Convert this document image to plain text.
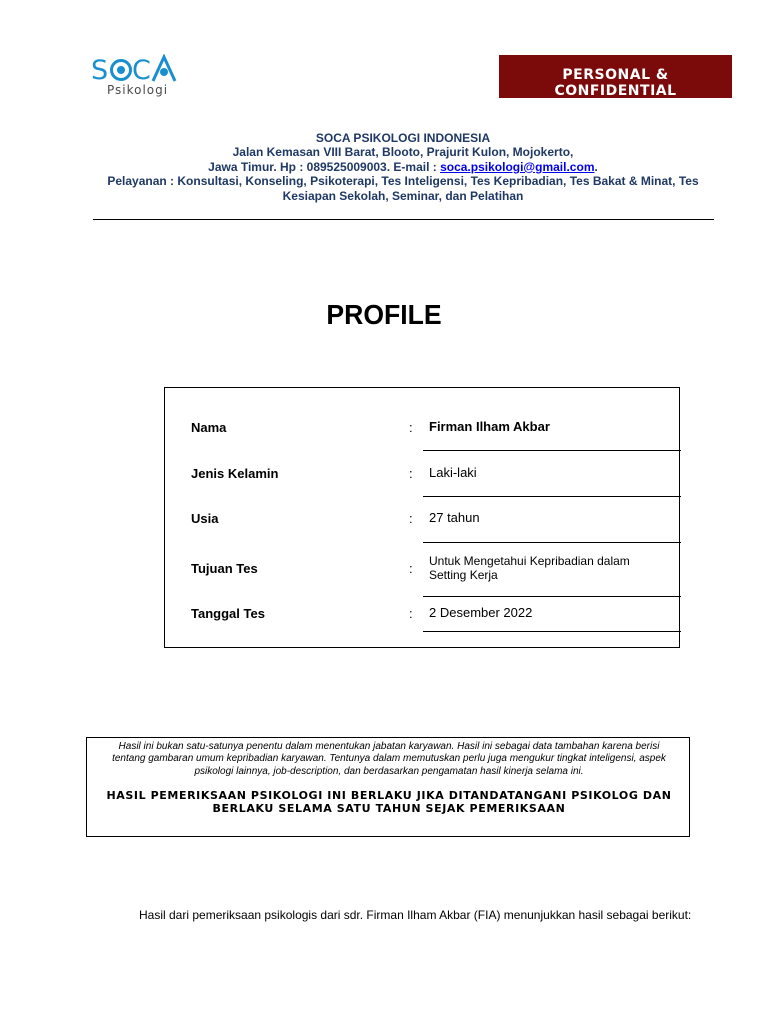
S C
Psikologi
PERSONAL & CONFIDENTIAL
SOCA PSIKOLOGI INDONESIA
Jalan Kemasan VIII Barat, Blooto, Prajurit Kulon, Mojokerto,
Jawa Timur. Hp : 089525009003. E-mail : soca.psikologi@gmail.com.
Pelayanan : Konsultasi, Konseling, Psikoterapi, Tes Inteligensi, Tes Kepribadian, Tes Bakat & Minat, Tes Kesiapan Sekolah, Seminar, dan Pelatihan
PROFILE
Nama	: Firman Ilham Akbar
Jenis Kelamin	: Laki-laki
Usia	: 27 tahun
Tujuan Tes	: Untuk Mengetahui Kepribadian dalam Setting Kerja
Tanggal Tes	: 2 Desember 2022
Hasil ini bukan satu-satunya penentu dalam menentukan jabatan karyawan. Hasil ini sebagai data tambahan karena berisi tentang gambaran umum kepribadian karyawan. Tentunya dalam memutuskan perlu juga mengukur tingkat inteligensi, aspek psikologi lainnya, job-description, dan berdasarkan pengamatan hasil kinerja selama ini.
HASIL PEMERIKSAAN PSIKOLOGI INI BERLAKU JIKA DITANDATANGANI PSIKOLOG DAN BERLAKU SELAMA SATU TAHUN SEJAK PEMERIKSAAN
Hasil dari pemeriksaan psikologis dari sdr. Firman Ilham Akbar (FIA) menunjukkan hasil sebagai berikut:
